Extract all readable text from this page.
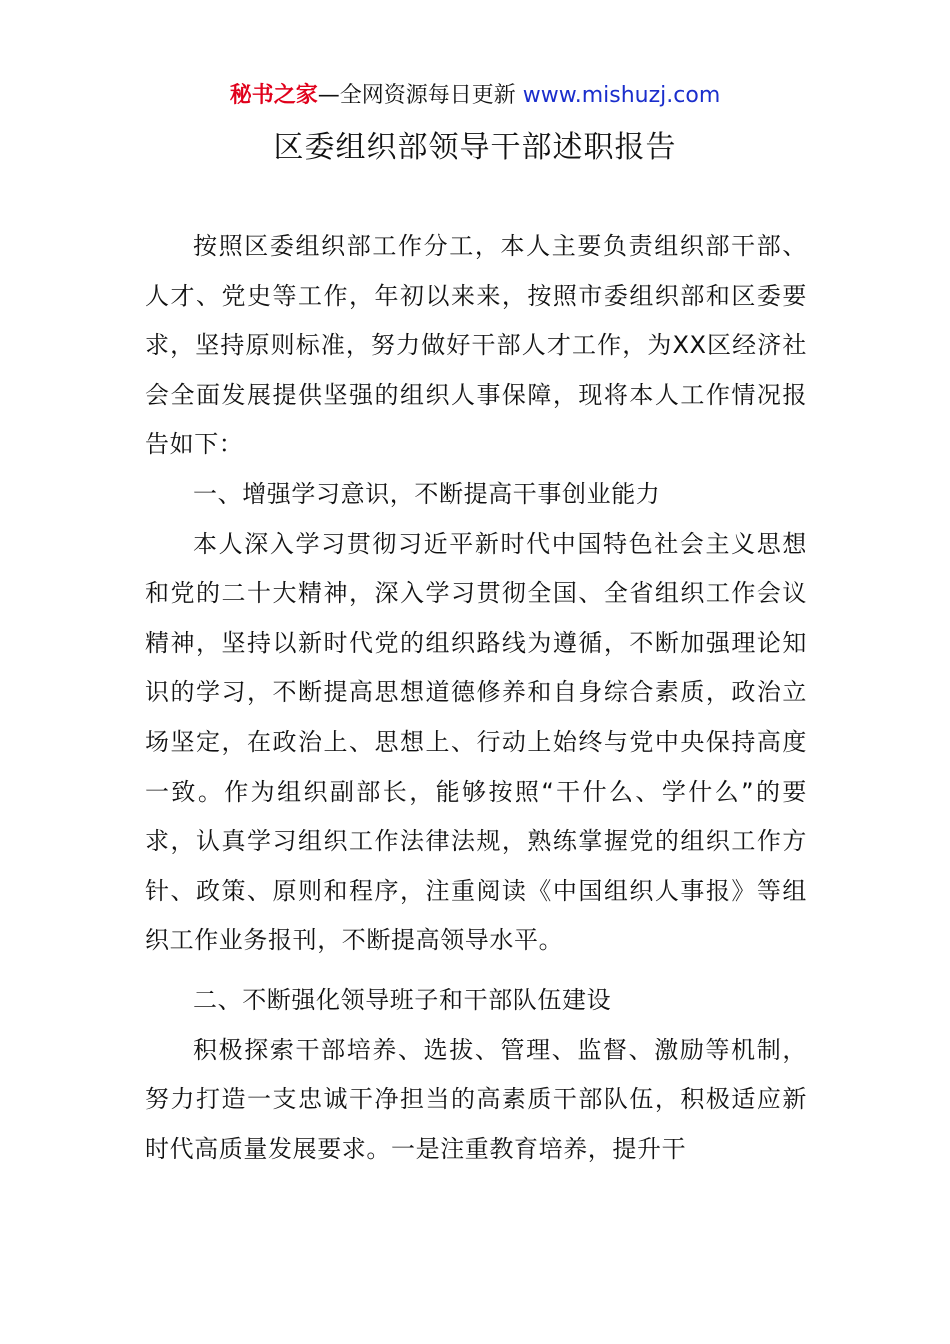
秘书之家—全网资源每日更新 www.mishuzj.com
区委组织部领导干部述职报告

按照区委组织部工作分工，本人主要负责组织部干部、人才、党史等工作，年初以来来，按照市委组织部和区委要求，坚持原则标准，努力做好干部人才工作，为XX区经济社会全面发展提供坚强的组织人事保障，现将本人工作情况报告如下：

一、增强学习意识，不断提高干事创业能力

本人深入学习贯彻习近平新时代中国特色社会主义思想和党的二十大精神，深入学习贯彻全国、全省组织工作会议精神，坚持以新时代党的组织路线为遵循，不断加强理论知识的学习，不断提高思想道德修养和自身综合素质，政治立场坚定，在政治上、思想上、行动上始终与党中央保持高度一致。作为组织副部长，能够按照“干什么、学什么”的要求，认真学习组织工作法律法规，熟练掌握党的组织工作方针、政策、原则和程序，注重阅读《中国组织人事报》等组织工作业务报刊，不断提高领导水平。

二、不断强化领导班子和干部队伍建设

积极探索干部培养、选拔、管理、监督、激励等机制，努力打造一支忠诚干净担当的高素质干部队伍，积极适应新时代高质量发展要求。一是注重教育培养，提升干
